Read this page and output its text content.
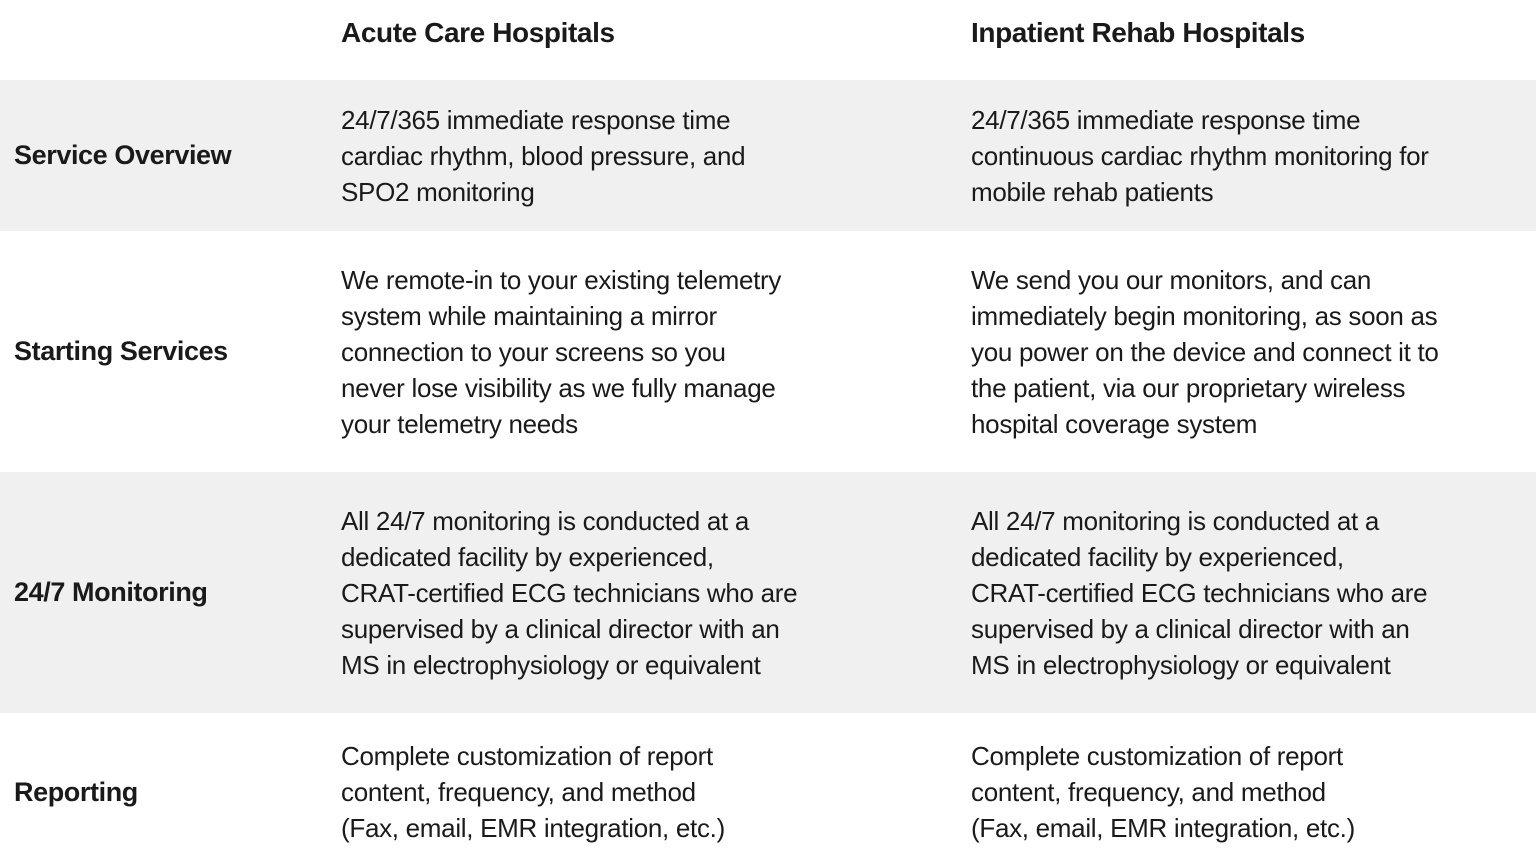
Acute Care Hospitals	Inpatient Rehab Hospitals
Service Overview
24/7/365 immediate response time
cardiac rhythm, blood pressure, and
SPO2 monitoring
24/7/365 immediate response time
continuous cardiac rhythm monitoring for
mobile rehab patients
Starting Services
We remote-in to your existing telemetry
system while maintaining a mirror
connection to your screens so you
never lose visibility as we fully manage
your telemetry needs
We send you our monitors, and can
immediately begin monitoring, as soon as
you power on the device and connect it to
the patient, via our proprietary wireless
hospital coverage system
24/7 Monitoring
All 24/7 monitoring is conducted at a
dedicated facility by experienced,
CRAT-certified ECG technicians who are
supervised by a clinical director with an
MS in electrophysiology or equivalent
All 24/7 monitoring is conducted at a
dedicated facility by experienced,
CRAT-certified ECG technicians who are
supervised by a clinical director with an
MS in electrophysiology or equivalent
Reporting
Complete customization of report
content, frequency, and method
(Fax, email, EMR integration, etc.)
Complete customization of report
content, frequency, and method
(Fax, email, EMR integration, etc.)
